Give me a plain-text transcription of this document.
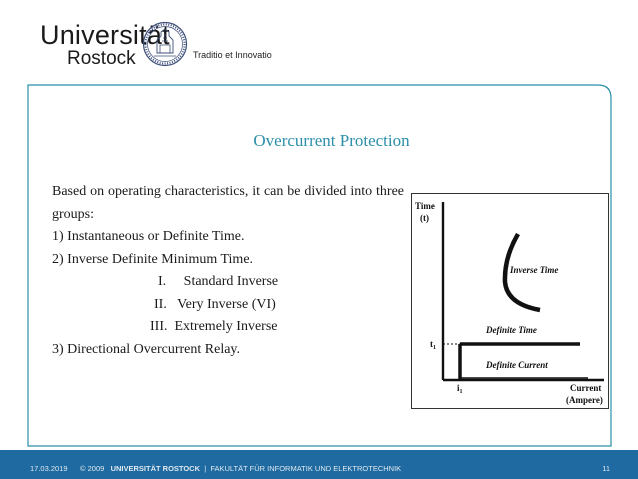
Universität
Rostock	Traditio et Innovatio
Overcurrent Protection
Based on operating characteristics, it can be divided into three groups:
1) Instantaneous or Definite Time.
2) Inverse Definite Minimum Time.
I.     Standard Inverse
II.   Very Inverse (VI)
III.  Extremely Inverse
3) Directional Overcurrent Relay.
Time
(t)
Inverse Time
Definite Time
Definite Current
$t_1$
$i_1$	Current
(Ampere)
17.03.2019 © 2009 UNIVERSITÄT ROSTOCK | FAKULTÄT FÜR INFORMATIK UND ELEKTROTECHNIK	11
